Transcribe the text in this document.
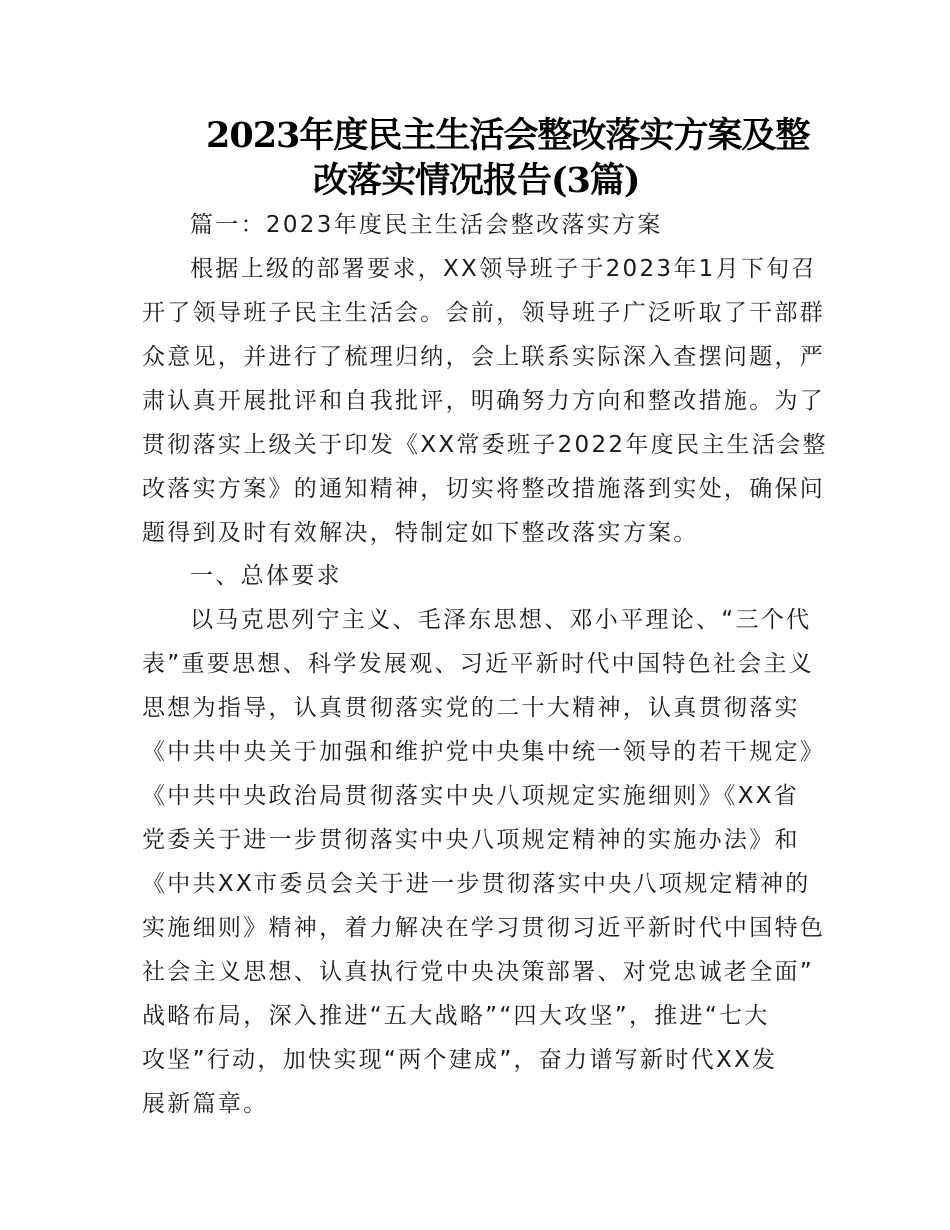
2023年度民主生活会整改落实方案及整
改落实情况报告(3篇)

篇一：2023年度民主生活会整改落实方案

根据上级的部署要求，XX领导班子于2023年1月下旬召

开了领导班子民主生活会。会前，领导班子广泛听取了干部群

众意见，并进行了梳理归纳，会上联系实际深入查摆问题，严

肃认真开展批评和自我批评，明确努力方向和整改措施。为了

贯彻落实上级关于印发《XX常委班子2022年度民主生活会整

改落实方案》的通知精神，切实将整改措施落到实处，确保问

题得到及时有效解决，特制定如下整改落实方案。

一、总体要求

以马克思列宁主义、毛泽东思想、邓小平理论、“三个代

表”重要思想、科学发展观、习近平新时代中国特色社会主义

思想为指导，认真贯彻落实党的二十大精神，认真贯彻落实

《中共中央关于加强和维护党中央集中统一领导的若干规定》

《中共中央政治局贯彻落实中央八项规定实施细则》《XX省

党委关于进一步贯彻落实中央八项规定精神的实施办法》和

《中共XX市委员会关于进一步贯彻落实中央八项规定精神的

实施细则》精神，着力解决在学习贯彻习近平新时代中国特色

社会主义思想、认真执行党中央决策部署、对党忠诚老全面”

战略布局，深入推进“五大战略”“四大攻坚”，推进“七大

攻坚”行动，加快实现“两个建成”，奋力谱写新时代XX发

展新篇章。
